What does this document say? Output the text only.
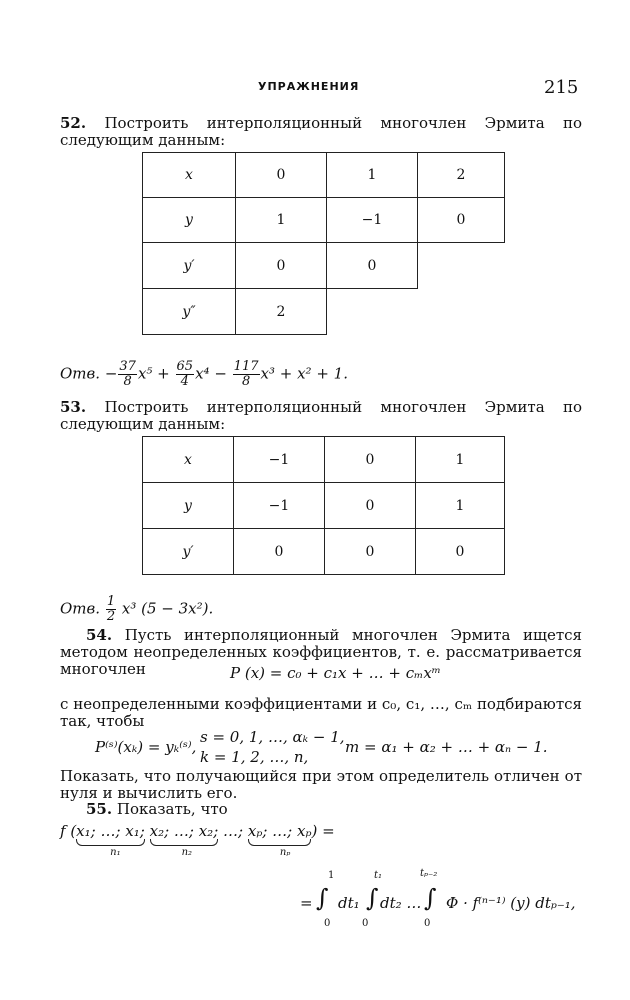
УПРАЖНЕНИЯ	215
52. Построить интерполяционный многочлен Эрмита по следующим данным:
x	0	1	2
y	1	−1	0
y′	0	0	
y″	2		
Отв. − $\frac{37}{8} x^5 + \frac{65}{4} x^4 - \frac{117}{8} x^3 + x^2 + 1$.
53. Построить интерполяционный многочлен Эрмита по следующим данным:
x	−1	0	1
y	−1	0	1
y′	0	0	0
Отв. $\frac{1}{2} x^3$ (5 − 3x²).
54. Пусть интерполяционный многочлен Эрмита ищется методом неопределенных коэффициентов, т. е. рассматривается многочлен	P (x) = c₀ + c₁x + … + cₘxᵐ
с неопределенными коэффициентами и c₀, c₁, …, cₘ подбираются так, чтобы
P⁽ˢ⁾(xₖ) = yₖ⁽ˢ⁾,
s = 0, 1, …, αₖ − 1,
k = 1, 2, …, n,
m = α₁ + α₂ + … + αₙ − 1.
Показать, что получающийся при этом определитель отличен от нуля и вычислить его.
55. Показать, что
f (x₁; …; x₁;
n₁
x₂; …; x₂;
n₂
…; xₚ; …; xₚ
nₚ
) =
= ∫
1
0
dt₁ ∫
t₁
0
dt₂ … ∫
tₚ₋₂
0
Φ · f⁽ⁿ⁻¹⁾ (y) dtₚ₋₁,
